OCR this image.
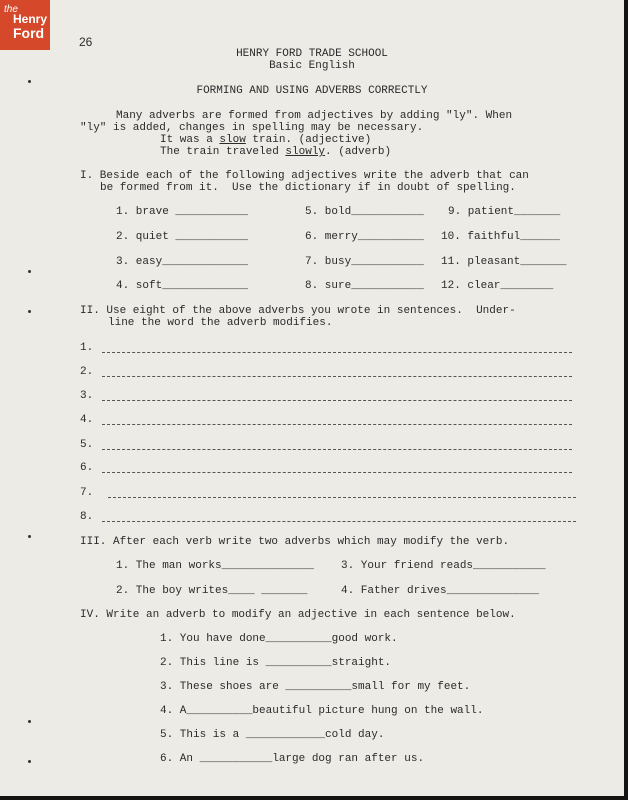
the
Henry
Ford
26
HENRY FORD TRADE SCHOOL
Basic English
FORMING AND USING ADVERBS CORRECTLY
Many adverbs are formed from adjectives by adding "ly". When
"ly" is added, changes in spelling may be necessary.
It was a slow train. (adjective)
The train traveled slowly. (adverb)
I. Beside each of the following adjectives write the adverb that can
be formed from it.  Use the dictionary if in doubt of spelling.
1. brave ___________	5. bold___________ 9. patient_______
2. quiet ___________	6. merry__________ 10. faithful______
3. easy_____________	7. busy___________ 11. pleasant_______
4. soft_____________	8. sure___________ 12. clear________
II. Use eight of the above adverbs you wrote in sentences.  Under-
line the word the adverb modifies.
1.
2.
3.
4.
5.
6.
7.
8.
III. After each verb write two adverbs which may modify the verb.
1. The man works______________ 3. Your friend reads___________
2. The boy writes____ _______	4. Father drives______________
IV. Write an adverb to modify an adjective in each sentence below.
1. You have done__________good work.
2. This line is __________straight.
3. These shoes are __________small for my feet.
4. A__________beautiful picture hung on the wall.
5. This is a ____________cold day.
6. An ___________large dog ran after us.
